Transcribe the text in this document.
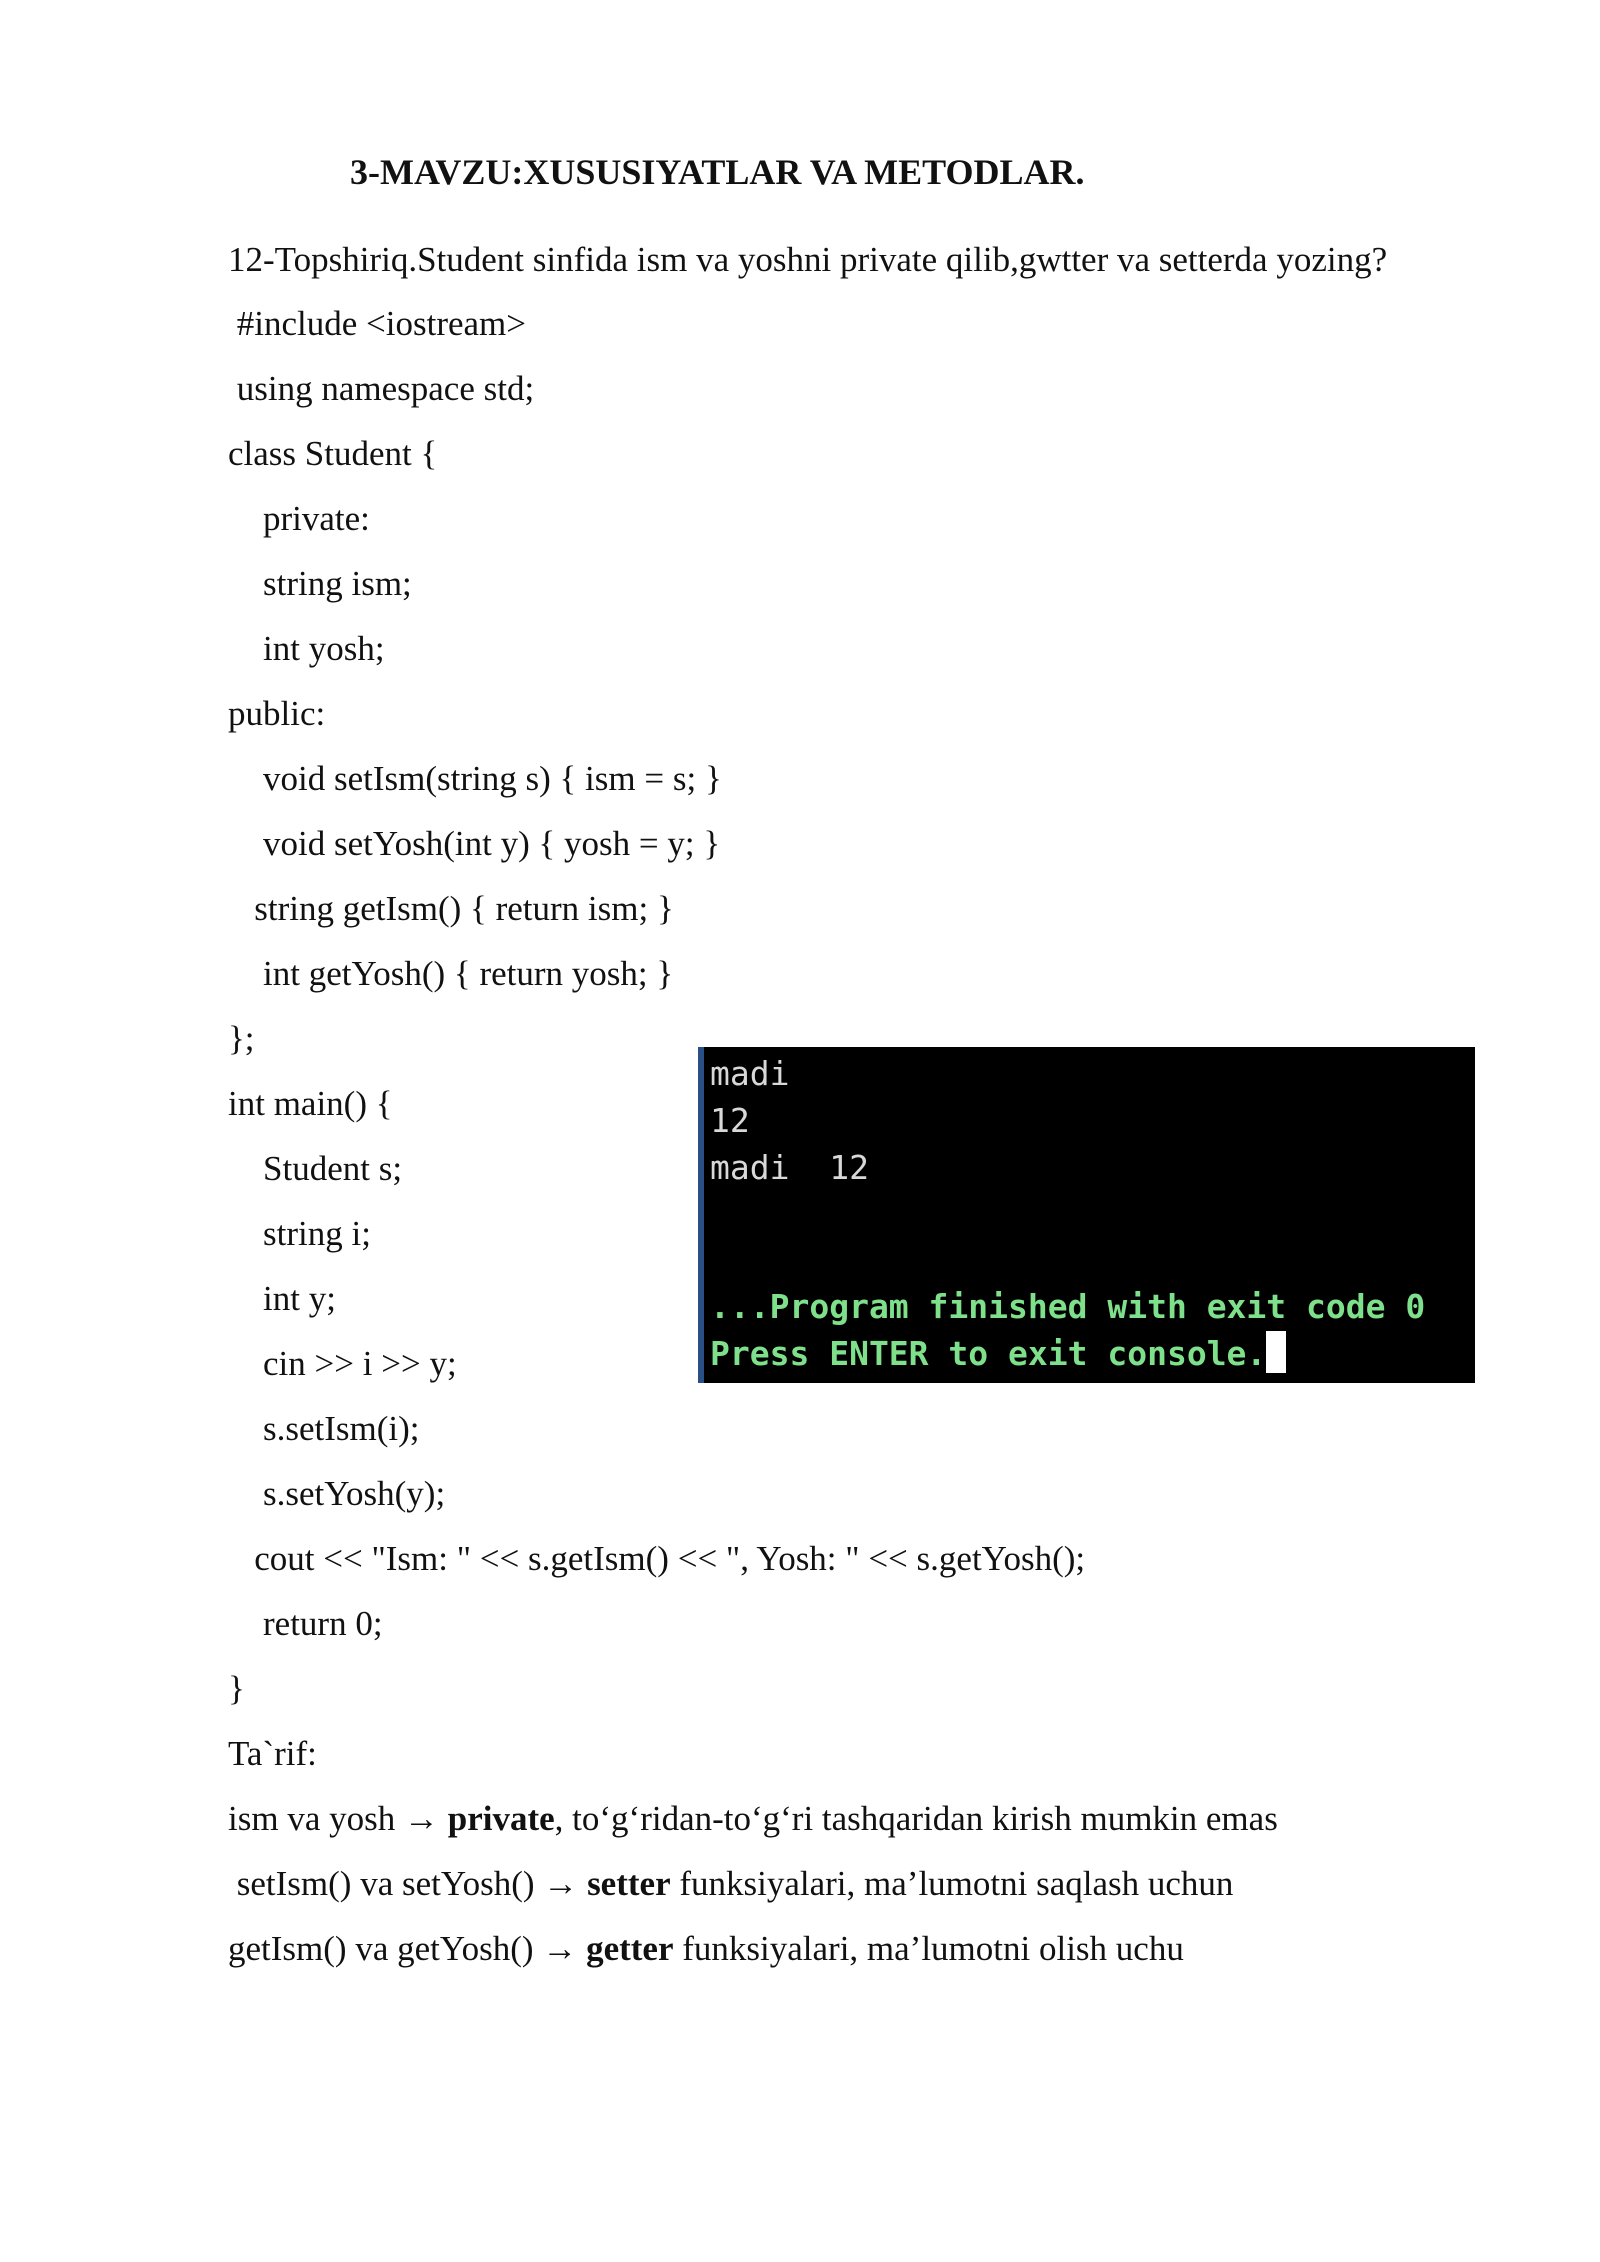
3-MAVZU:XUSUSIYATLAR VA METODLAR.
12-Topshiriq.Student sinfida ism va yoshni private qilib,gwtter va setterda yozing?
#include <iostream>
using namespace std;
class Student {
private:
string ism;
int yosh;
public:
void setIsm(string s) { ism = s; }
void setYosh(int y) { yosh = y; }
string getIsm() { return ism; }
int getYosh() { return yosh; }
};
int main() {
Student s;
string i;
int y;
cin >> i >> y;
s.setIsm(i);
s.setYosh(y);
cout << "Ism: " << s.getIsm() << ", Yosh: " << s.getYosh();
return 0;
}
madi
12
madi  12
...Program finished with exit code 0
Press ENTER to exit console.
Ta`rif:
ism va yosh → private, to‘g‘ridan-to‘g‘ri tashqaridan kirish mumkin emas
setIsm() va setYosh() → setter funksiyalari, ma’lumotni saqlash uchun
getIsm() va getYosh() → getter funksiyalari, ma’lumotni olish uchu
